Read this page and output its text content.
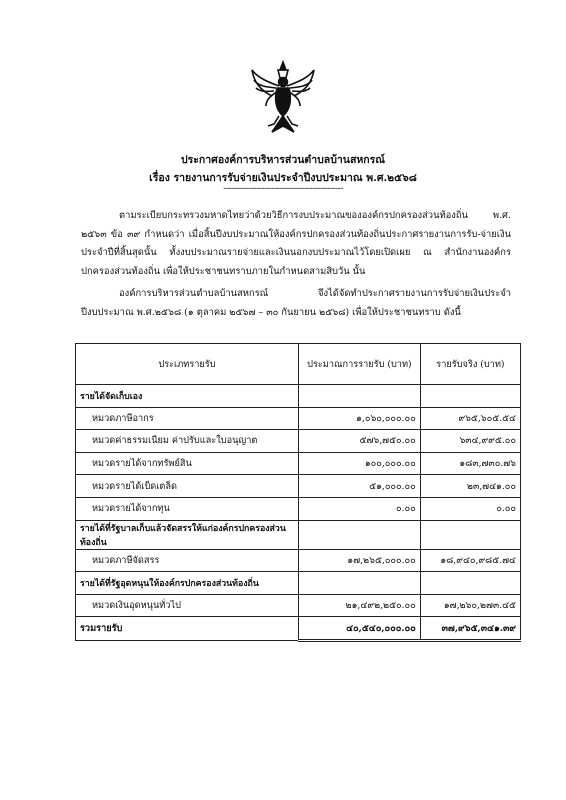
ประกาศองค์การบริหารส่วนตำบลบ้านสหกรณ์
เรื่อง รายงานการรับจ่ายเงินประจำปีงบประมาณ พ.ศ.๒๕๖๘
-----------------------------------------------
ตามระเบียบกระทรวงมหาดไทยว่าด้วยวิธีการงบประมาณขององค์กรปกครองส่วนท้องถิ่น พ.ศ. ๒๕๖๓ ข้อ ๓๙ กำหนดว่า เมื่อสิ้นปีงบประมาณให้องค์กรปกครองส่วนท้องถิ่นประกาศรายงานการรับ-จ่ายเงินประจำปีที่สิ้นสุดนั้น ทั้งงบประมาณรายจ่ายและเงินนอกงบประมาณไว้โดยเปิดเผย ณ สำนักงานองค์กรปกครองส่วนท้องถิ่น เพื่อให้ประชาชนทราบภายในกำหนดสามสิบวัน นั้น
องค์การบริหารส่วนตำบลบ้านสหกรณ์ จึงได้จัดทำประกาศรายงานการรับจ่ายเงินประจำปีงบประมาณ พ.ศ.๒๕๖๘ (๑ ตุลาคม ๒๕๖๗ – ๓๐ กันยายน ๒๕๖๘) เพื่อให้ประชาชนทราบ ดังนี้
ประเภทรายรับ	ประมาณการรายรับ (บาท)	รายรับจริง (บาท)
รายได้จัดเก็บเอง		
หมวดภาษีอากร	๑,๐๖๐,๐๐๐.๐๐	๙๖๕,๖๐๕.๕๔
หมวดค่าธรรมเนียม ค่าปรับและใบอนุญาต	๕๗๖,๗๕๐.๐๐	๖๓๔,๙๙๕.๐๐
หมวดรายได้จากทรัพย์สิน	๑๐๐,๐๐๐.๐๐	๑๘๓,๗๓๐.๗๖
หมวดรายได้เบ็ดเตล็ด	๕๑,๐๐๐.๐๐	๒๓,๗๔๑.๐๐
หมวดรายได้จากทุน	๐.๐๐	๐.๐๐
รายได้ที่รัฐบาลเก็บแล้วจัดสรรให้แก่องค์กรปกครองส่วนท้องถิ่น		
หมวดภาษีจัดสรร	๑๗,๒๖๕,๐๐๐.๐๐	๑๘,๙๔๐,๙๘๕.๗๔
รายได้ที่รัฐอุดหนุนให้องค์กรปกครองส่วนท้องถิ่น		
หมวดเงินอุดหนุนทั่วไป	๒๑,๔๙๒,๒๕๐.๐๐	๑๗,๒๖๐,๒๗๓.๔๕
รวมรายรับ	๔๐,๕๔๐,๐๐๐.๐๐	๓๗,๙๖๕,๓๔๑.๓๙
